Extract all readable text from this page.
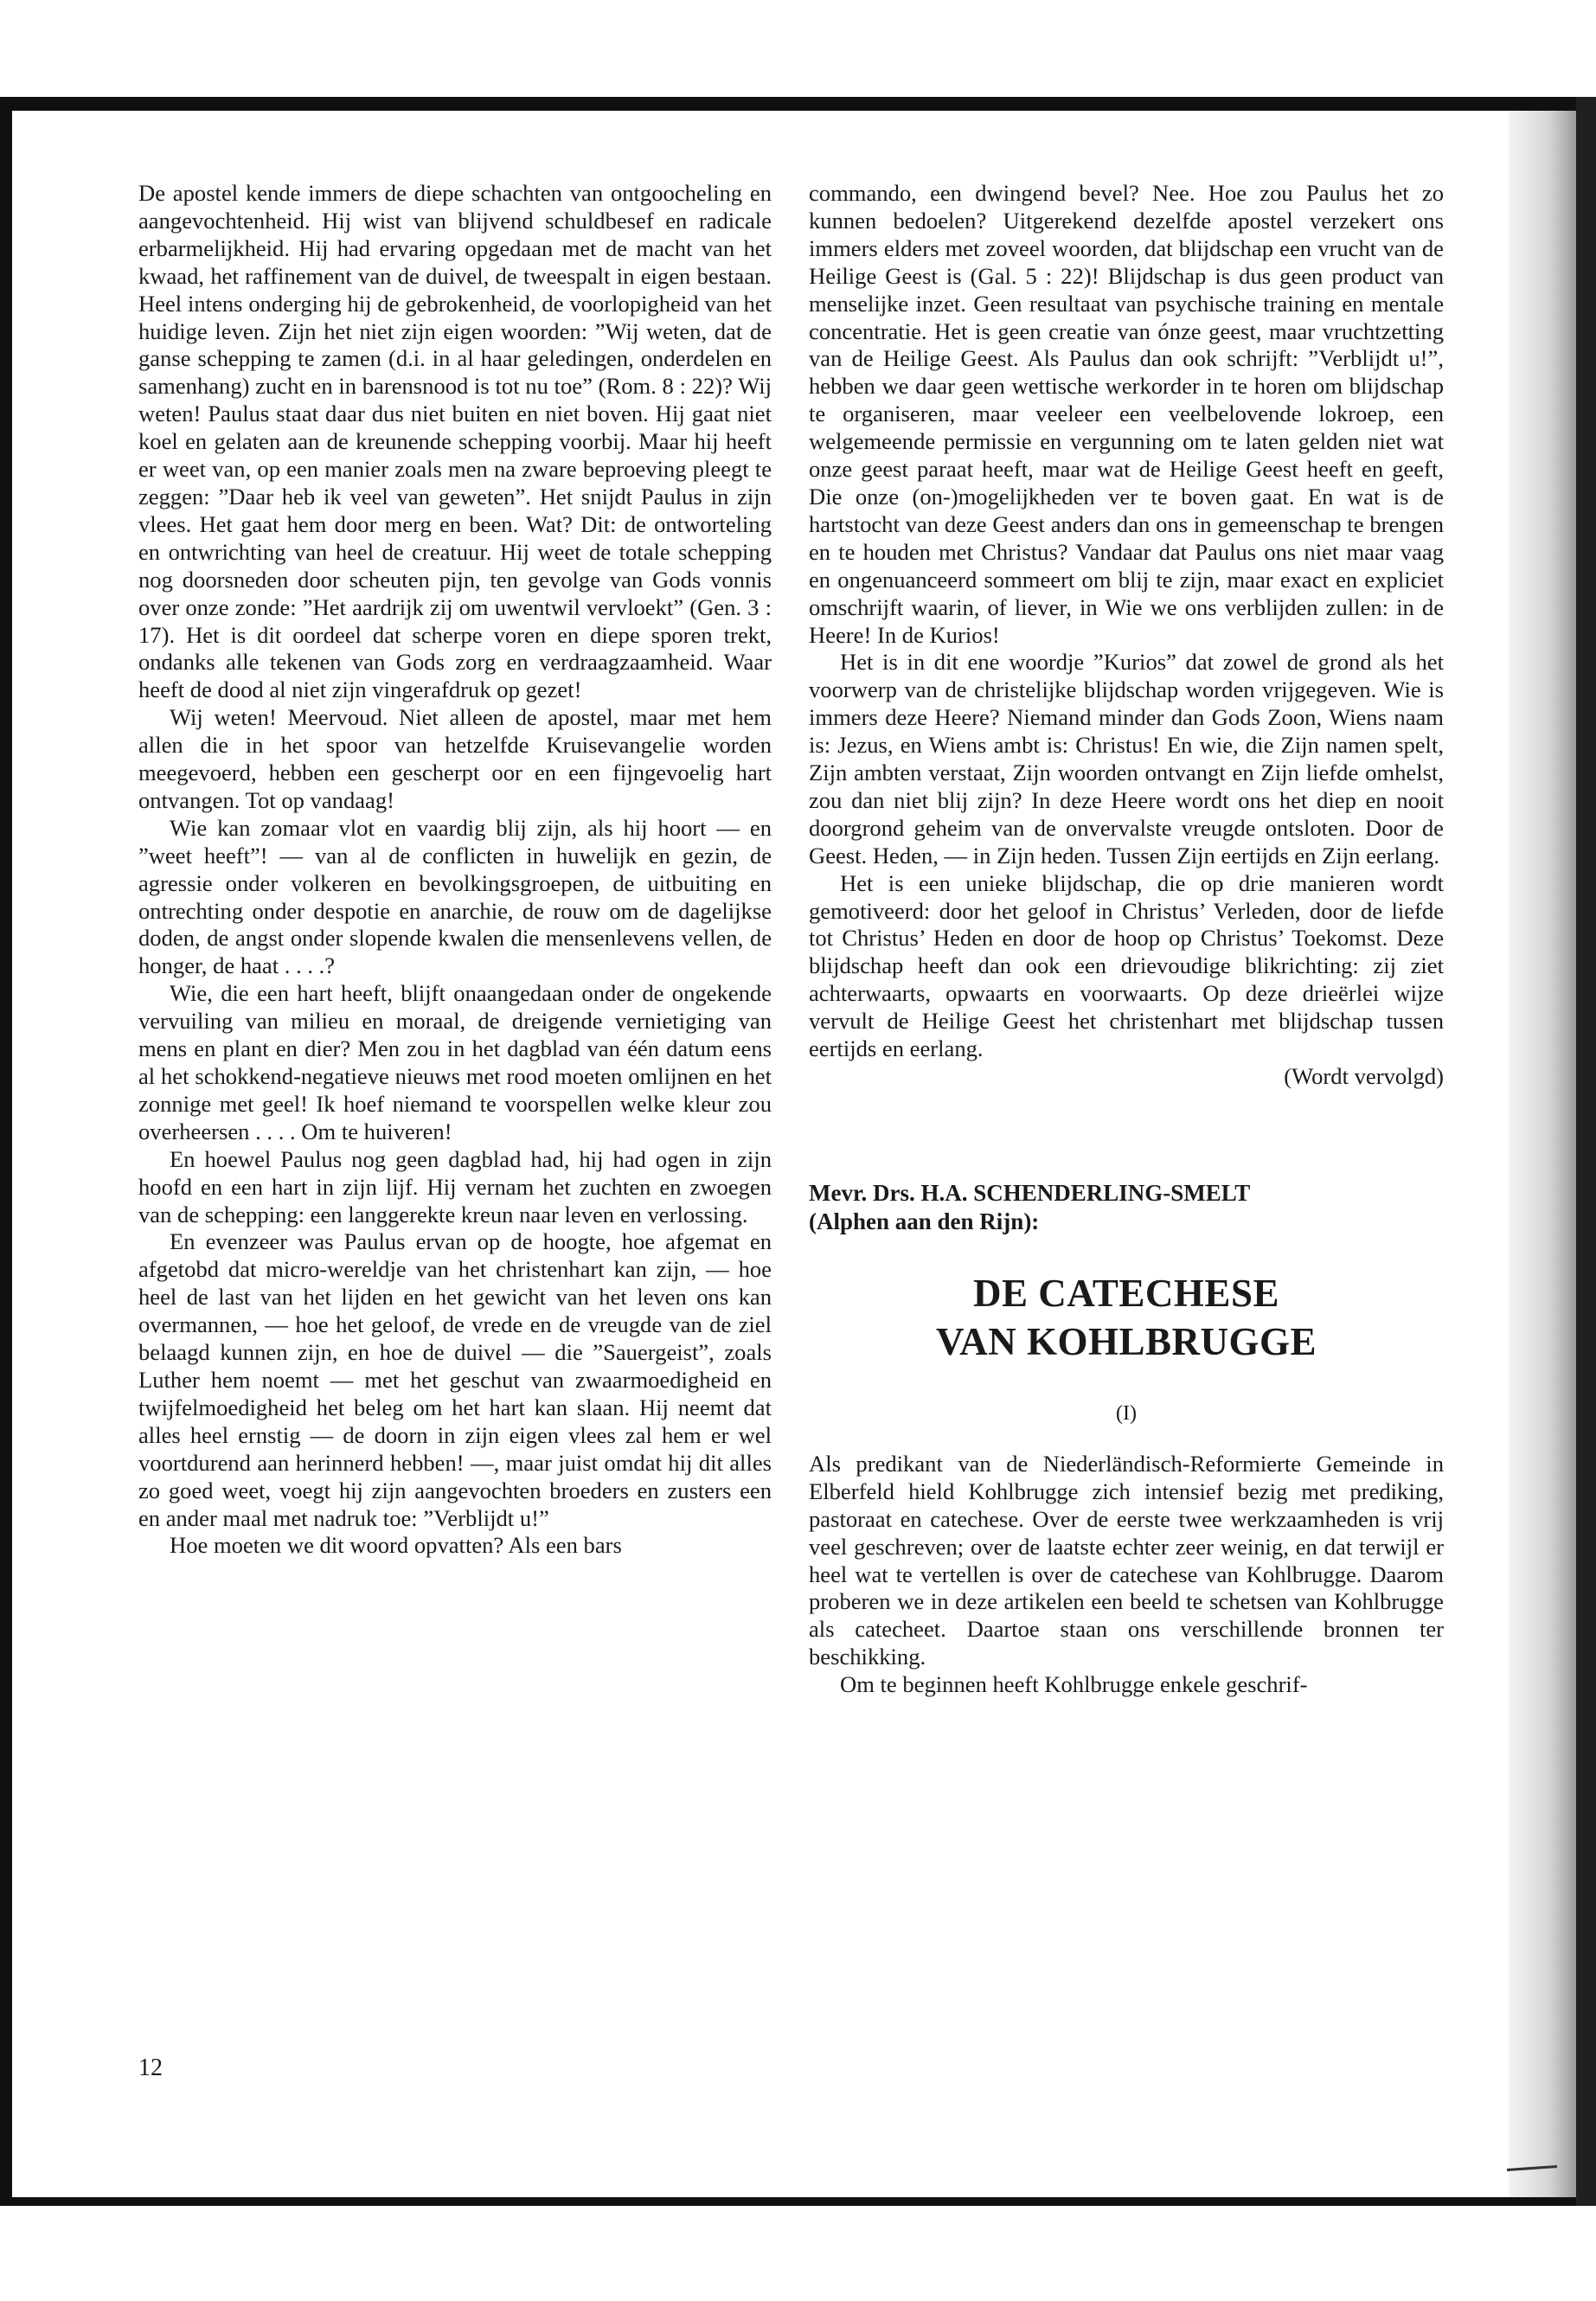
De apostel kende immers de diepe schachten van ontgoocheling en aangevochtenheid. Hij wist van blijvend schuldbesef en radicale erbarmelijkheid. Hij had ervaring opgedaan met de macht van het kwaad, het raffinement van de duivel, de tweespalt in eigen bestaan. Heel intens onderging hij de gebrokenheid, de voorlopigheid van het huidige leven. Zijn het niet zijn eigen woorden: ”Wij weten, dat de ganse schepping te zamen (d.i. in al haar geledingen, onderdelen en samenhang) zucht en in barensnood is tot nu toe” (Rom. 8 : 22)? Wij weten! Paulus staat daar dus niet buiten en niet boven. Hij gaat niet koel en gelaten aan de kreunende schepping voorbij. Maar hij heeft er weet van, op een manier zoals men na zware beproeving pleegt te zeggen: ”Daar heb ik veel van geweten”. Het snijdt Paulus in zijn vlees. Het gaat hem door merg en been. Wat? Dit: de ontworteling en ontwrichting van heel de creatuur. Hij weet de totale schepping nog doorsneden door scheuten pijn, ten gevolge van Gods vonnis over onze zonde: ”Het aardrijk zij om uwentwil vervloekt” (Gen. 3 : 17). Het is dit oordeel dat scherpe voren en diepe sporen trekt, ondanks alle tekenen van Gods zorg en verdraagzaamheid. Waar heeft de dood al niet zijn vingerafdruk op gezet!

Wij weten! Meervoud. Niet alleen de apostel, maar met hem allen die in het spoor van hetzelfde Kruisevangelie worden meegevoerd, hebben een gescherpt oor en een fijngevoelig hart ontvangen. Tot op vandaag!

Wie kan zomaar vlot en vaardig blij zijn, als hij hoort — en ”weet heeft”! — van al de conflicten in huwelijk en gezin, de agressie onder volkeren en bevolkingsgroepen, de uitbuiting en ontrechting onder despotie en anarchie, de rouw om de dagelijkse doden, de angst onder slopende kwalen die mensenlevens vellen, de honger, de haat . . . .?

Wie, die een hart heeft, blijft onaangedaan onder de ongekende vervuiling van milieu en moraal, de dreigende vernietiging van mens en plant en dier? Men zou in het dagblad van één datum eens al het schokkend-negatieve nieuws met rood moeten omlijnen en het zonnige met geel! Ik hoef niemand te voorspellen welke kleur zou overheersen . . . . Om te huiveren!

En hoewel Paulus nog geen dagblad had, hij had ogen in zijn hoofd en een hart in zijn lijf. Hij vernam het zuchten en zwoegen van de schepping: een langgerekte kreun naar leven en verlossing.

En evenzeer was Paulus ervan op de hoogte, hoe afgemat en afgetobd dat micro-wereldje van het christenhart kan zijn, — hoe heel de last van het lijden en het gewicht van het leven ons kan overmannen, — hoe het geloof, de vrede en de vreugde van de ziel belaagd kunnen zijn, en hoe de duivel — die ”Sauergeist”, zoals Luther hem noemt — met het geschut van zwaarmoedigheid en twijfelmoedigheid het beleg om het hart kan slaan. Hij neemt dat alles heel ernstig — de doorn in zijn eigen vlees zal hem er wel voortdurend aan herinnerd hebben! —, maar juist omdat hij dit alles zo goed weet, voegt hij zijn aangevochten broeders en zusters een en ander maal met nadruk toe: ”Verblijdt u!”

Hoe moeten we dit woord opvatten? Als een bars

commando, een dwingend bevel? Nee. Hoe zou Paulus het zo kunnen bedoelen? Uitgerekend dezelfde apostel verzekert ons immers elders met zoveel woorden, dat blijdschap een vrucht van de Heilige Geest is (Gal. 5 : 22)! Blijdschap is dus geen product van menselijke inzet. Geen resultaat van psychische training en mentale concentratie. Het is geen creatie van ónze geest, maar vruchtzetting van de Heilige Geest. Als Paulus dan ook schrijft: ”Verblijdt u!”, hebben we daar geen wettische werkorder in te horen om blijdschap te organiseren, maar veeleer een veelbelovende lokroep, een welgemeende permissie en vergunning om te laten gelden niet wat onze geest paraat heeft, maar wat de Heilige Geest heeft en geeft, Die onze (on-)mogelijkheden ver te boven gaat. En wat is de hartstocht van deze Geest anders dan ons in gemeenschap te brengen en te houden met Christus? Vandaar dat Paulus ons niet maar vaag en ongenuanceerd sommeert om blij te zijn, maar exact en expliciet omschrijft waarin, of liever, in Wie we ons verblijden zullen: in de Heere! In de Kurios!

Het is in dit ene woordje ”Kurios” dat zowel de grond als het voorwerp van de christelijke blijdschap worden vrijgegeven. Wie is immers deze Heere? Niemand minder dan Gods Zoon, Wiens naam is: Jezus, en Wiens ambt is: Christus! En wie, die Zijn namen spelt, Zijn ambten verstaat, Zijn woorden ontvangt en Zijn liefde omhelst, zou dan niet blij zijn? In deze Heere wordt ons het diep en nooit doorgrond geheim van de onvervalste vreugde ontsloten. Door de Geest. Heden, — in Zijn heden. Tussen Zijn eertijds en Zijn eerlang.

Het is een unieke blijdschap, die op drie manieren wordt gemotiveerd: door het geloof in Christus’ Verleden, door de liefde tot Christus’ Heden en door de hoop op Christus’ Toekomst. Deze blijdschap heeft dan ook een drievoudige blikrichting: zij ziet achterwaarts, opwaarts en voorwaarts. Op deze drieërlei wijze vervult de Heilige Geest het christenhart met blijdschap tussen eertijds en eerlang.

(Wordt vervolgd)

Mevr. Drs. H.A. SCHENDERLING-SMELT
(Alphen aan den Rijn):
DE CATECHESE
VAN KOHLBRUGGE
(I)

Als predikant van de Niederländisch-Reformierte Gemeinde in Elberfeld hield Kohlbrugge zich intensief bezig met prediking, pastoraat en catechese. Over de eerste twee werkzaamheden is vrij veel geschreven; over de laatste echter zeer weinig, en dat terwijl er heel wat te vertellen is over de catechese van Kohlbrugge. Daarom proberen we in deze artikelen een beeld te schetsen van Kohlbrugge als catecheet. Daartoe staan ons verschillende bronnen ter beschikking.

Om te beginnen heeft Kohlbrugge enkele geschrif-

12
